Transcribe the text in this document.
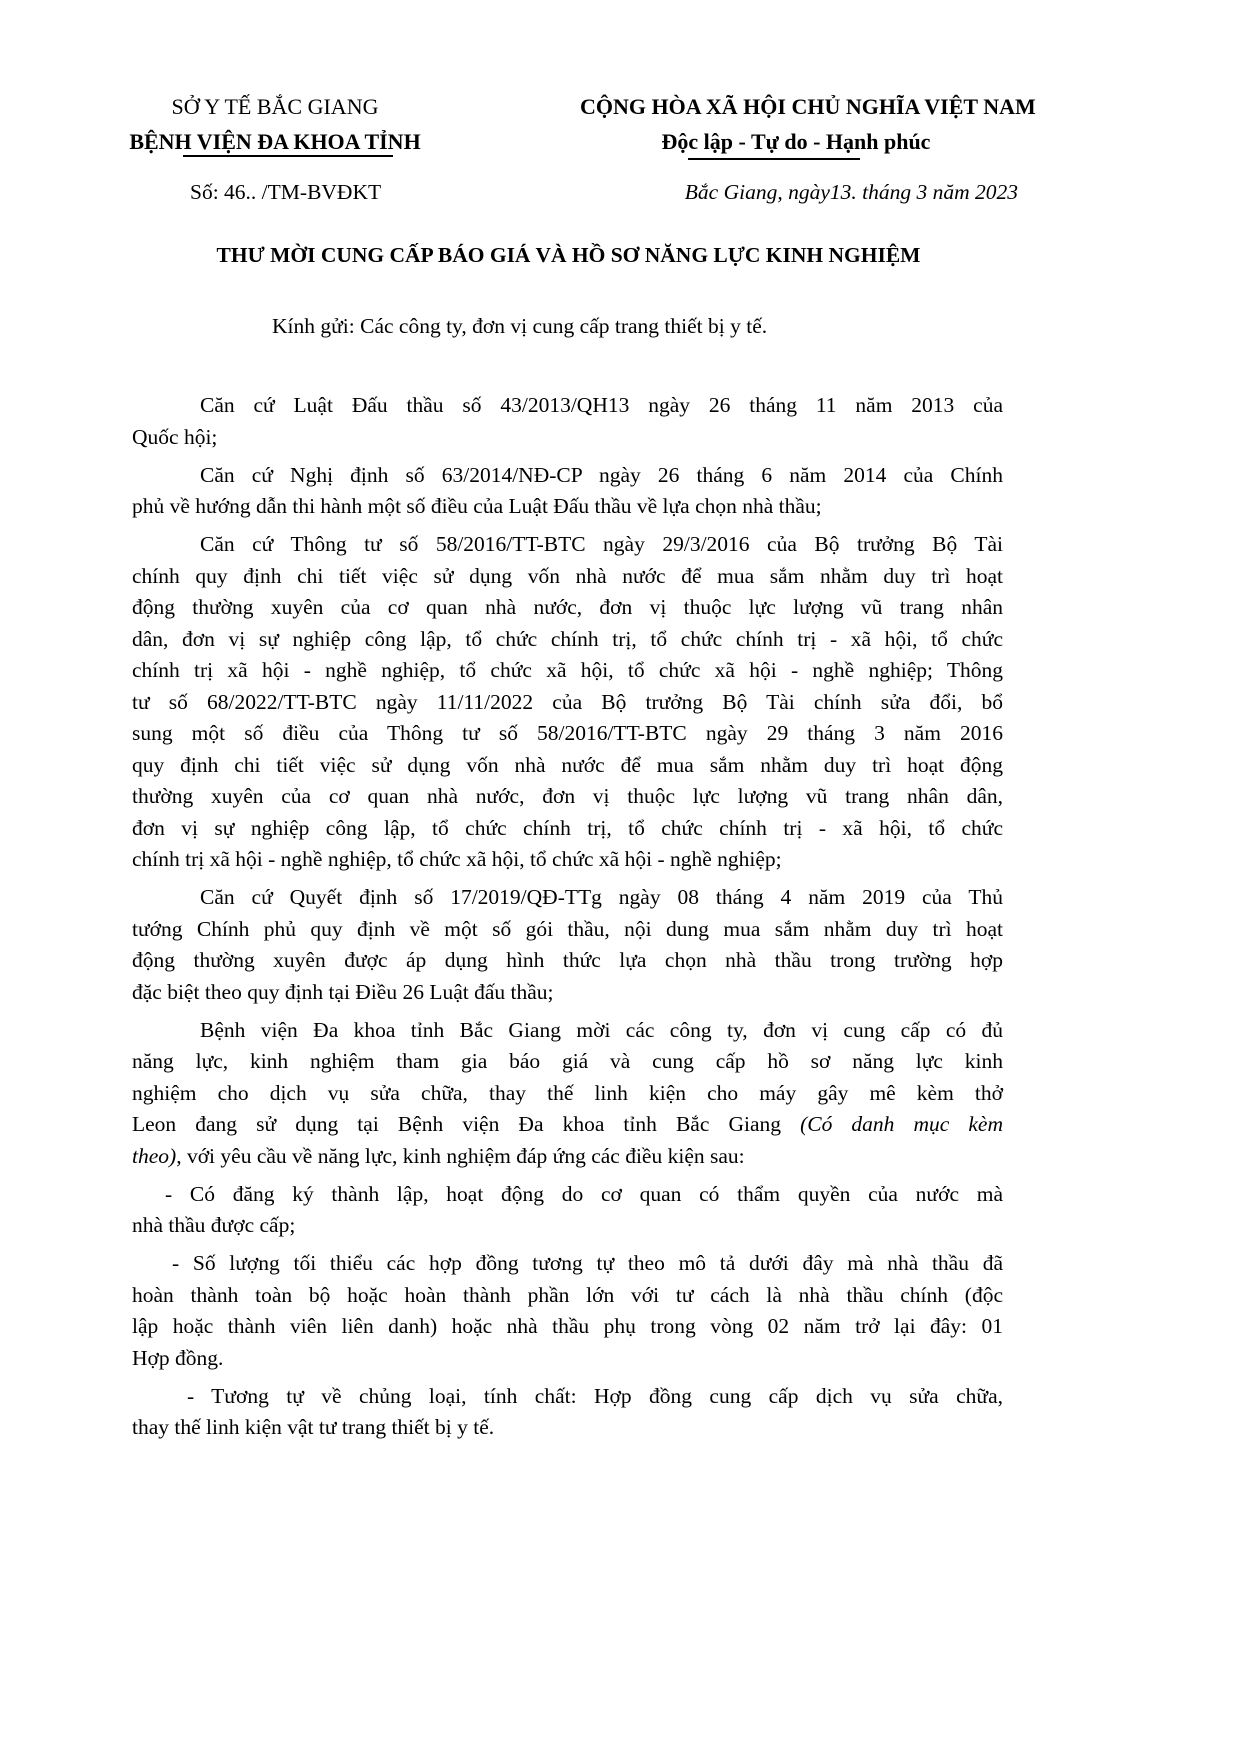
SỞ Y TẾ BẮC GIANG
BỆNH VIỆN ĐA KHOA TỈNH
CỘNG HÒA XÃ HỘI CHỦ NGHĨA VIỆT NAM
Độc lập - Tự do - Hạnh phúc
Số: 46.. /TM-BVĐKT	Bắc Giang, ngày13. tháng 3 năm 2023
THƯ MỜI CUNG CẤP BÁO GIÁ VÀ HỒ SƠ NĂNG LỰC KINH NGHIỆM
Kính gửi: Các công ty, đơn vị cung cấp trang thiết bị y tế.
Căn cứ Luật Đấu thầu số 43/2013/QH13 ngày 26 tháng 11 năm 2013 của
Quốc hội;
Căn cứ Nghị định số 63/2014/NĐ-CP ngày 26 tháng 6 năm 2014 của Chính
phủ về hướng dẫn thi hành một số điều của Luật Đấu thầu về lựa chọn nhà thầu;
Căn cứ Thông tư số 58/2016/TT-BTC ngày 29/3/2016 của Bộ trưởng Bộ Tài
chính quy định chi tiết việc sử dụng vốn nhà nước để mua sắm nhằm duy trì hoạt
động thường xuyên của cơ quan nhà nước, đơn vị thuộc lực lượng vũ trang nhân
dân, đơn vị sự nghiệp công lập, tổ chức chính trị, tổ chức chính trị - xã hội, tổ chức
chính trị xã hội - nghề nghiệp, tổ chức xã hội, tổ chức xã hội - nghề nghiệp; Thông
tư số 68/2022/TT-BTC ngày 11/11/2022 của Bộ trưởng Bộ Tài chính sửa đổi, bổ
sung một số điều của Thông tư số 58/2016/TT-BTC ngày 29 tháng 3 năm 2016
quy định chi tiết việc sử dụng vốn nhà nước để mua sắm nhằm duy trì hoạt động
thường xuyên của cơ quan nhà nước, đơn vị thuộc lực lượng vũ trang nhân dân,
đơn vị sự nghiệp công lập, tổ chức chính trị, tổ chức chính trị - xã hội, tổ chức
chính trị xã hội - nghề nghiệp, tổ chức xã hội, tổ chức xã hội - nghề nghiệp;
Căn cứ Quyết định số 17/2019/QĐ-TTg ngày 08 tháng 4 năm 2019 của Thủ
tướng Chính phủ quy định về một số gói thầu, nội dung mua sắm nhằm duy trì hoạt
động thường xuyên được áp dụng hình thức lựa chọn nhà thầu trong trường hợp
đặc biệt theo quy định tại Điều 26 Luật đấu thầu;
Bệnh viện Đa khoa tỉnh Bắc Giang mời các công ty, đơn vị cung cấp có đủ
năng lực, kinh nghiệm tham gia báo giá và cung cấp hồ sơ năng lực kinh
nghiệm cho dịch vụ sửa chữa, thay thế linh kiện cho máy gây mê kèm thở
Leon đang sử dụng tại Bệnh viện Đa khoa tỉnh Bắc Giang (Có danh mục kèm
theo), với yêu cầu về năng lực, kinh nghiệm đáp ứng các điều kiện sau:
- Có đăng ký thành lập, hoạt động do cơ quan có thẩm quyền của nước mà
nhà thầu được cấp;
- Số lượng tối thiểu các hợp đồng tương tự theo mô tả dưới đây mà nhà thầu đã
hoàn thành toàn bộ hoặc hoàn thành phần lớn với tư cách là nhà thầu chính (độc
lập hoặc thành viên liên danh) hoặc nhà thầu phụ trong vòng 02 năm trở lại đây: 01
Hợp đồng.
- Tương tự về chủng loại, tính chất: Hợp đồng cung cấp dịch vụ sửa chữa,
thay thế linh kiện vật tư trang thiết bị y tế.
